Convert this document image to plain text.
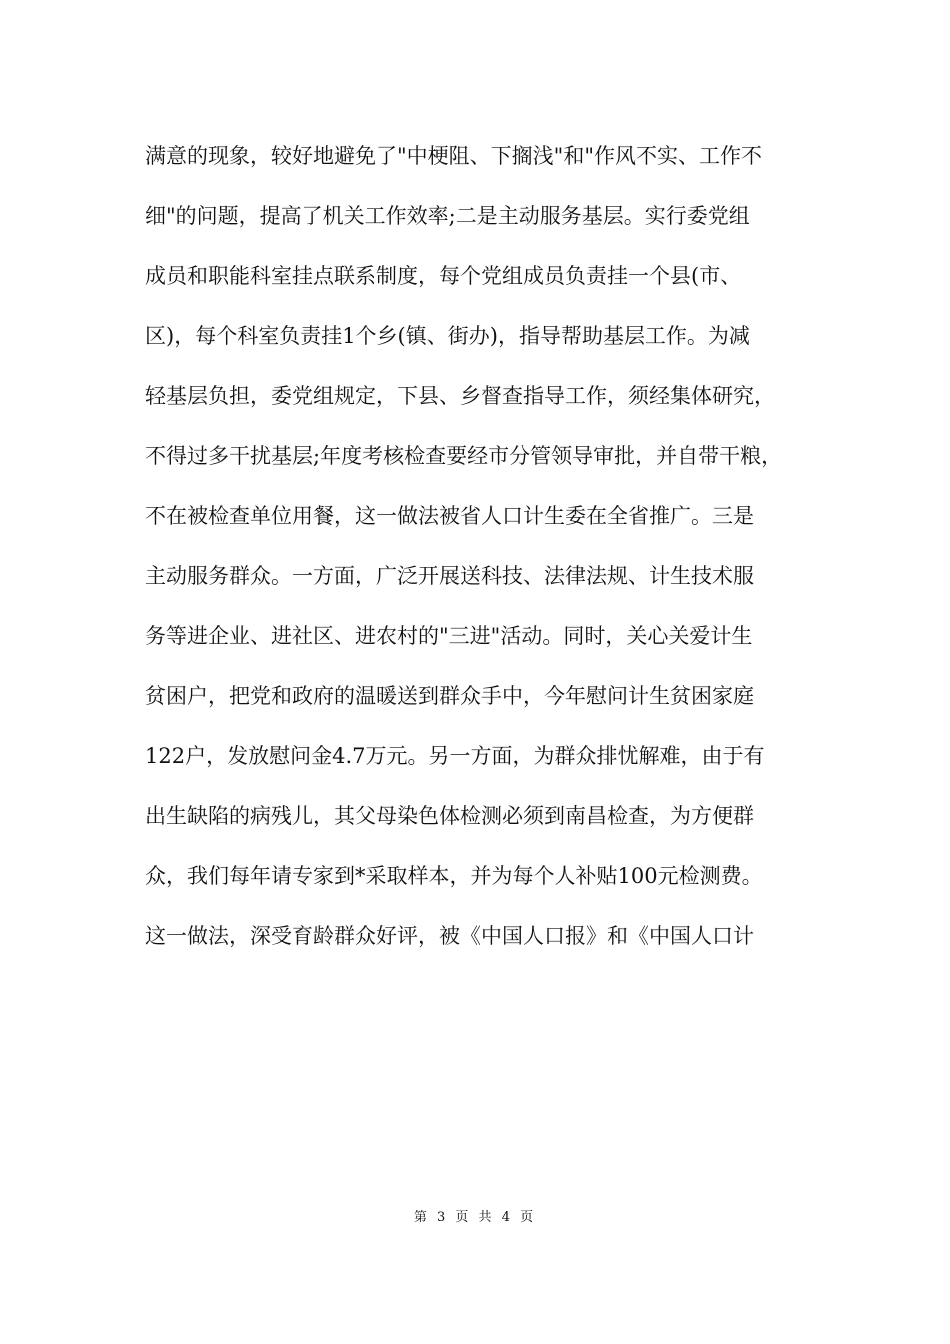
满意的现象，较好地避免了"中梗阻、下搁浅"和"作风不实、工作不
细"的问题，提高了机关工作效率;二是主动服务基层。实行委党组
成员和职能科室挂点联系制度，每个党组成员负责挂一个县(市、
区)，每个科室负责挂1个乡(镇、街办)，指导帮助基层工作。为减
轻基层负担，委党组规定，下县、乡督查指导工作，须经集体研究，
不得过多干扰基层;年度考核检查要经市分管领导审批，并自带干粮，
不在被检查单位用餐，这一做法被省人口计生委在全省推广。三是
主动服务群众。一方面，广泛开展送科技、法律法规、计生技术服
务等进企业、进社区、进农村的"三进"活动。同时，关心关爱计生
贫困户，把党和政府的温暖送到群众手中，今年慰问计生贫困家庭
122户，发放慰问金4.7万元。另一方面，为群众排忧解难，由于有
出生缺陷的病残儿，其父母染色体检测必须到南昌检查，为方便群
众，我们每年请专家到*采取样本，并为每个人补贴100元检测费。
这一做法，深受育龄群众好评，被《中国人口报》和《中国人口计
第 3 页 共 4 页
